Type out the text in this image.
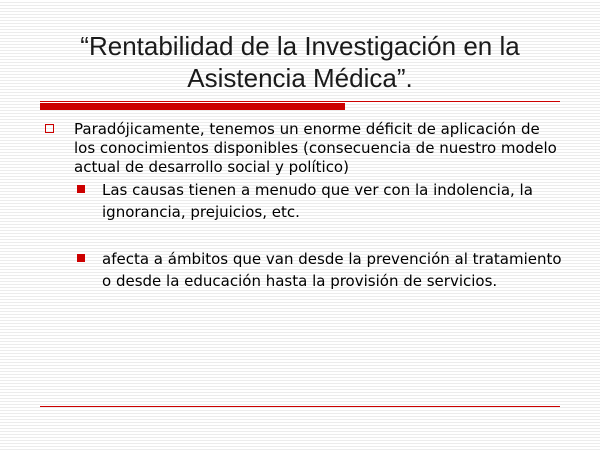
“Rentabilidad de la Investigación en la Asistencia Médica”.
Paradójicamente, tenemos un enorme déficit de aplicación de los conocimientos disponibles (consecuencia de nuestro modelo actual de desarrollo social y político)
Las causas tienen a menudo que ver con la indolencia, la ignorancia, prejuicios, etc.
afecta a ámbitos que van desde la prevención al tratamiento o desde la educación hasta la provisión de servicios.
